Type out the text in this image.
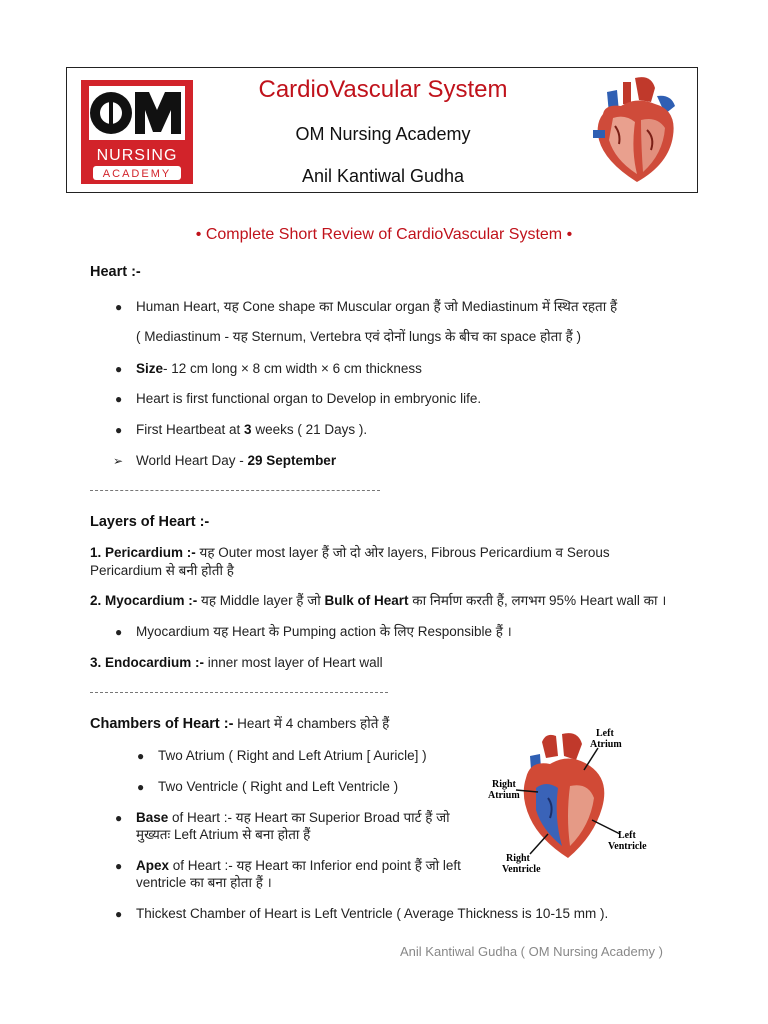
NURSING
ACADEMY
CardioVascular System
OM Nursing Academy
Anil Kantiwal Gudha
• Complete Short Review of CardioVascular System •
Heart :-
● Human Heart, यह Cone shape का Muscular organ हैं जो Mediastinum में स्थित रहता हैं
( Mediastinum - यह Sternum, Vertebra एवं दोनों lungs के बीच का space होता हैं )
● Size- 12 cm long × 8 cm width × 6 cm thickness
● Heart is first functional organ to Develop in embryonic life.
● First Heartbeat at 3 weeks ( 21 Days ).
➢ World Heart Day - 29 September
Layers of Heart :-
1. Pericardium :- यह Outer most layer हैं जो दो ओर layers, Fibrous Pericardium व Serous
Pericardium से बनी होती है
2. Myocardium :- यह Middle layer हैं जो Bulk of Heart का निर्माण करती हैं, लगभग 95% Heart wall का ।
● Myocardium यह Heart के Pumping action के लिए Responsible हैं ।
3. Endocardium :- inner most layer of Heart wall
Chambers of Heart :- Heart में 4 chambers होते हैं
● Two Atrium ( Right and Left Atrium [ Auricle] )
● Two Ventricle ( Right and Left Ventricle )
● Base of Heart :- यह Heart का Superior Broad पार्ट हैं जो
मुख्यतः Left Atrium से बना होता हैं
● Apex of Heart :- यह Heart का Inferior end point हैं जो left
ventricle का बना होता हैं ।
● Thickest Chamber of Heart is Left Ventricle ( Average Thickness is 10-15 mm ).
Left
Atrium
Right
Atrium
Left
Ventricle
Right
Ventricle
Anil Kantiwal Gudha ( OM Nursing Academy )
